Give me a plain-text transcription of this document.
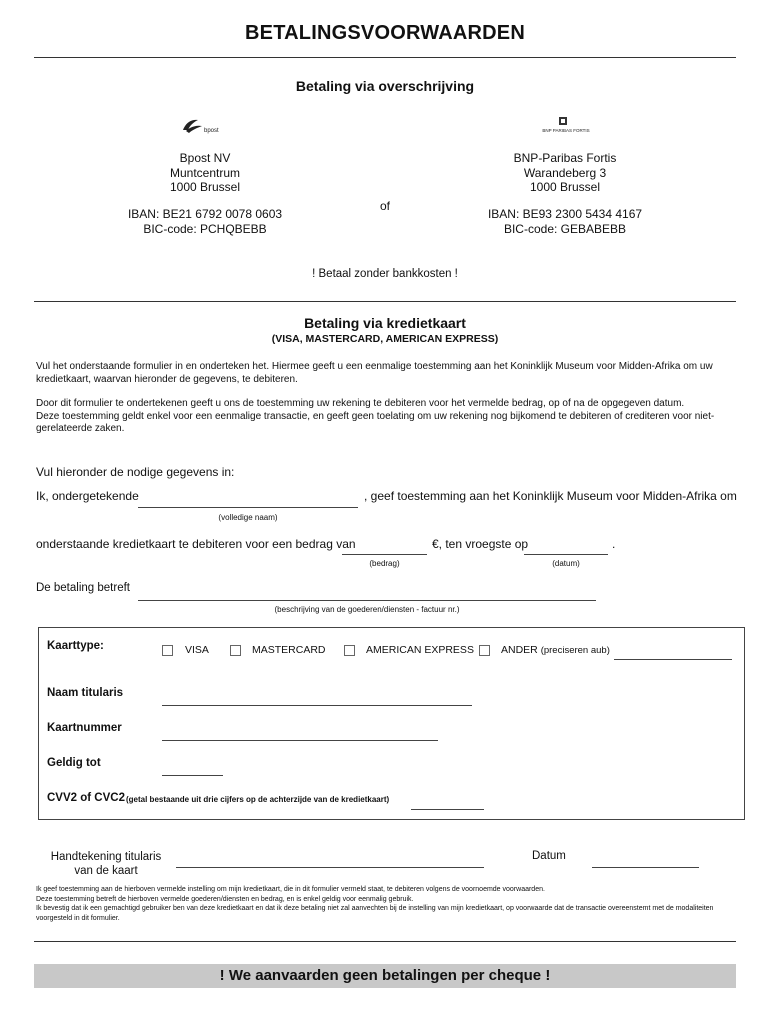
BETALINGSVOORWAARDEN
Betaling via overschrijving
bpost	BNP PARIBAS FORTIS
Bpost NV
Muntcentrum
1000 Brussel
IBAN: BE21 6792 0078 0603
BIC-code: PCHQBEBB
of
BNP-Paribas Fortis
Warandeberg 3
1000 Brussel
IBAN: BE93 2300 5434 4167
BIC-code: GEBABEBB
! Betaal zonder bankkosten !
Betaling via kredietkaart
(VISA, MASTERCARD, AMERICAN EXPRESS)
Vul het onderstaande formulier in en onderteken het. Hiermee geeft u een eenmalige toestemming aan het Koninklijk Museum voor Midden-Afrika om uw kredietkaart, waarvan hieronder de gegevens, te debiteren.
Door dit formulier te ondertekenen geeft u ons de toestemming uw rekening te debiteren voor het vermelde bedrag, op of na de opgegeven datum.
Deze toestemming geldt enkel voor een eenmalige transactie, en geeft geen toelating om uw rekening nog bijkomend te debiteren of crediteren voor niet-gerelateerde zaken.
Vul hieronder de nodige gegevens in:
Ik, ondergetekende	, geef toestemming aan het Koninklijk Museum voor Midden-Afrika om
(volledige naam)
onderstaande kredietkaart te debiteren voor een bedrag van	€, ten vroegste op	.
(bedrag)	(datum)
De betaling betreft
(beschrijving van de goederen/diensten - factuur nr.)
Kaarttype:	VISA	MASTERCARD	AMERICAN EXPRESS	ANDER (preciseren aub)
Naam titularis
Kaartnummer
Geldig tot
CVV2 of CVC2 (getal bestaande uit drie cijfers op de achterzijde van de kredietkaart)
Handtekening titularis
van de kaart
Datum
Ik geef toestemming aan de hierboven vermelde instelling om mijn kredietkaart, die in dit formulier vermeld staat, te debiteren volgens de voornoemde voorwaarden.
Deze toestemming betreft de hierboven vermelde goederen/diensten en bedrag, en is enkel geldig voor eenmalig gebruik.
Ik bevestig dat ik een gemachtigd gebruiker ben van deze kredietkaart en dat ik deze betaling niet zal aanvechten bij de instelling van mijn kredietkaart, op voorwaarde dat de transactie overeenstemt met de modaliteiten voorgesteld in dit formulier.
! We aanvaarden geen betalingen per cheque !
